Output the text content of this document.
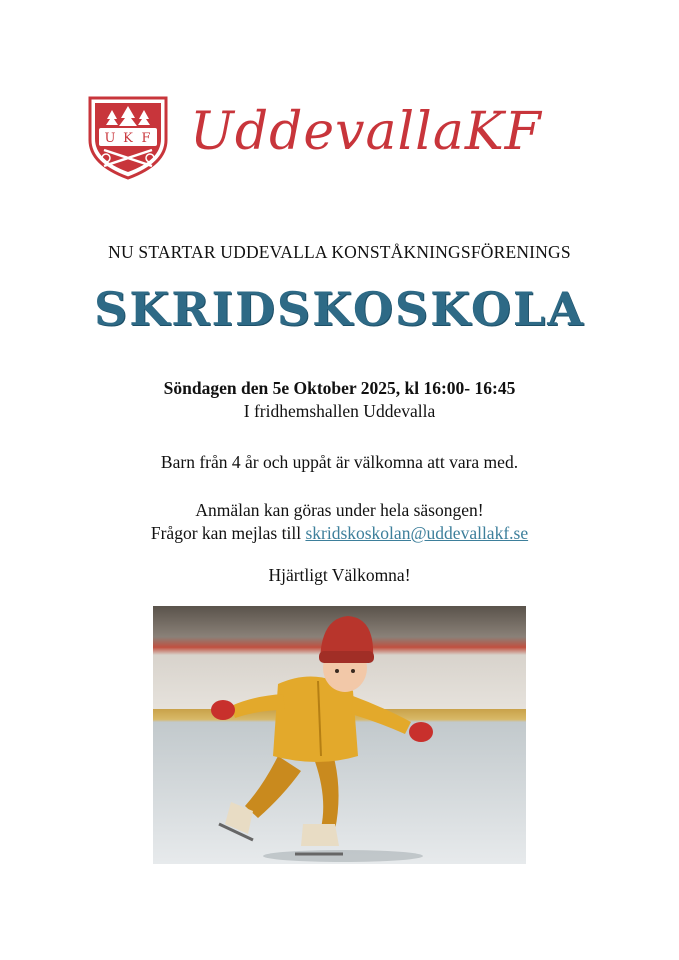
U K F UddevallaKF
NU STARTAR UDDEVALLA KONSTÅKNINGSFÖRENINGS
SKRIDSKOSKOLA
Söndagen den 5e Oktober 2025, kl 16:00- 16:45
I fridhemshallen Uddevalla
Barn från 4 år och uppåt är välkomna att vara med.
Anmälan kan göras under hela säsongen!
Frågor kan mejlas till skridskoskolan@uddevallakf.se
Hjärtligt Välkomna!
